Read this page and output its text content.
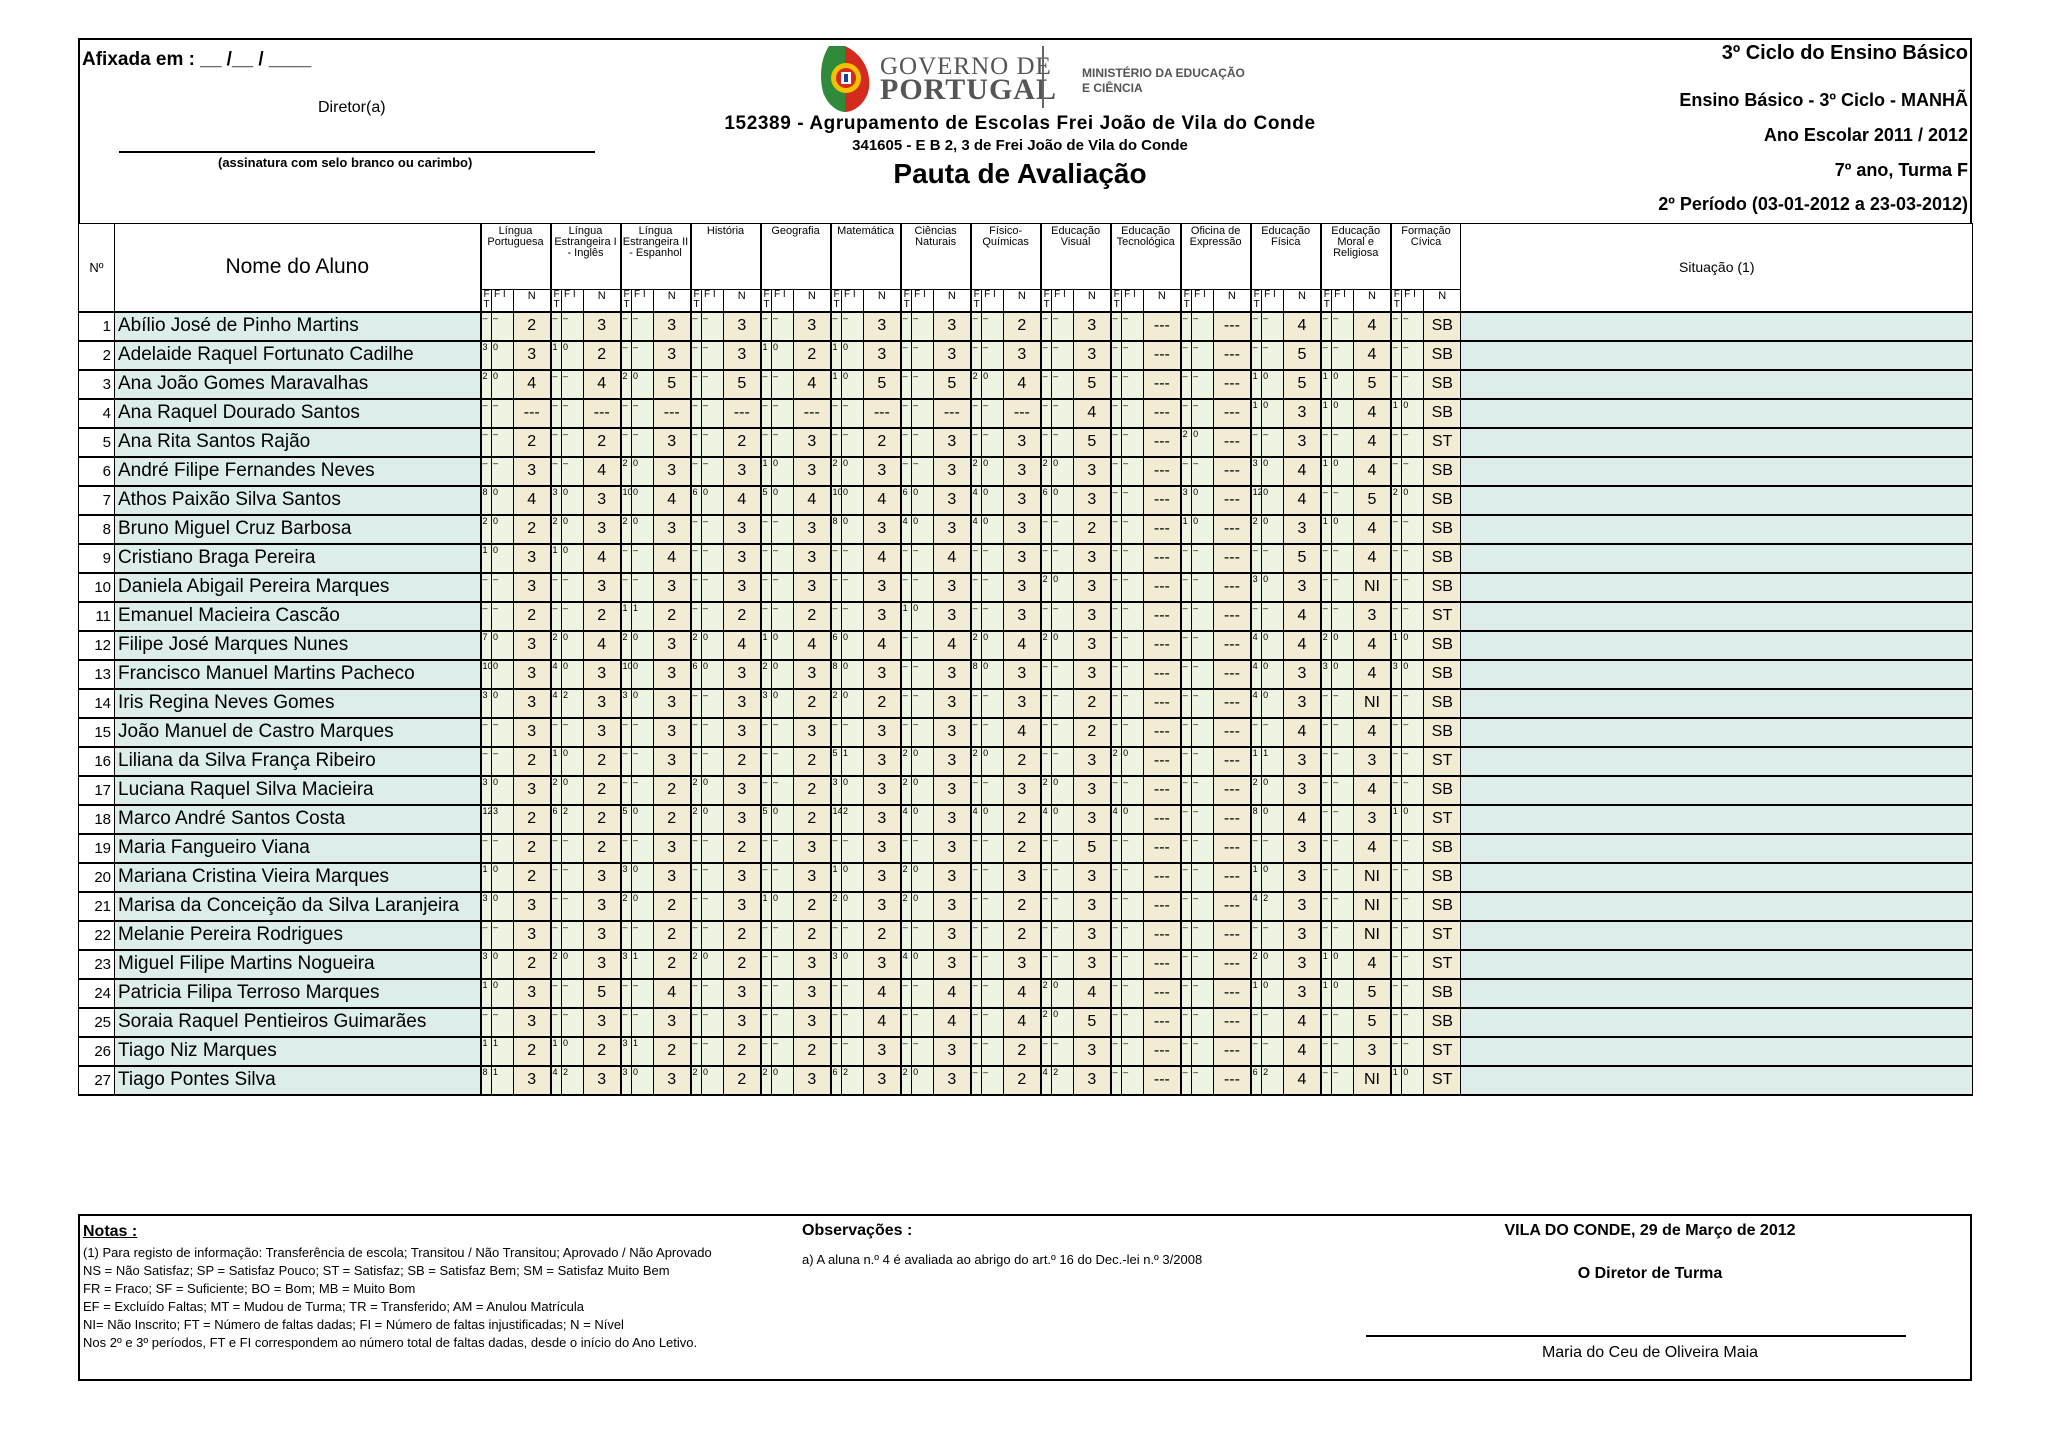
Afixada em : __ /__ / ____
Diretor(a)
(assinatura com selo branco ou carimbo)
GOVERNO DE
PORTUGAL MINISTÉRIO DA EDUCAÇÃO
E CIÊNCIA
152389 - Agrupamento de Escolas Frei João de Vila do Conde
341605 - E B 2, 3 de Frei João de Vila do Conde
Pauta de Avaliação
3º Ciclo do Ensino Básico
Ensino Básico - 3º Ciclo - MANHÃ
Ano Escolar 2011 / 2012
7º ano, Turma F
2º Período (03-01-2012 a 23-03-2012)
Nº	Nome do Aluno	Língua Portuguesa			Língua Estrangeira I - Inglês			Língua Estrangeira II - Espanhol			História			Geografia			Matemática			Ciências Naturais			Físico-Químicas			Educação Visual			Educação Tecnológica			Oficina de Expressão			Educação Física			Educação Moral e Religiosa			Formação Cívica			Situação (1)
		F T	F I	N	F T	F I	N	F T	F I	N	F T	F I	N	F T	F I	N	F T	F I	N	F T	F I	N	F T	F I	N	F T	F I	N	F T	F I	N	F T	F I	N	F T	F I	N	F T	F I	N	F T	F I	N	
1	Abílio José de Pinho Martins	–	–	2	–	–	3	–	–	3	–	–	3	–	–	3	–	–	3	–	–	3	–	–	2	–	–	3	–	–	---	–	–	---	–	–	4	–	–	4	–	–	SB	
2	Adelaide Raquel Fortunato Cadilhe	3	0	3	1	0	2	–	–	3	–	–	3	1	0	2	1	0	3	–	–	3	–	–	3	–	–	3	–	–	---	–	–	---	–	–	5	–	–	4	–	–	SB	
3	Ana João Gomes Maravalhas	2	0	4	–	–	4	2	0	5	–	–	5	–	–	4	1	0	5	–	–	5	2	0	4	–	–	5	–	–	---	–	–	---	1	0	5	1	0	5	–	–	SB	
4	Ana Raquel Dourado Santos	–	–	---	–	–	---	–	–	---	–	–	---	–	–	---	–	–	---	–	–	---	–	–	---	–	–	4	–	–	---	–	–	---	1	0	3	1	0	4	1	0	SB	
5	Ana Rita Santos Rajão	–	–	2	–	–	2	–	–	3	–	–	2	–	–	3	–	–	2	–	–	3	–	–	3	–	–	5	–	–	---	2	0	---	–	–	3	–	–	4	–	–	ST	
6	André Filipe Fernandes Neves	–	–	3	–	–	4	2	0	3	–	–	3	1	0	3	2	0	3	–	–	3	2	0	3	2	0	3	–	–	---	–	–	---	3	0	4	1	0	4	–	–	SB	
7	Athos Paixão Silva Santos	8	0	4	3	0	3	10	0	4	6	0	4	5	0	4	10	0	4	6	0	3	4	0	3	6	0	3	–	–	---	3	0	---	12	0	4	–	–	5	2	0	SB	
8	Bruno Miguel Cruz Barbosa	2	0	2	2	0	3	2	0	3	–	–	3	–	–	3	8	0	3	4	0	3	4	0	3	–	–	2	–	–	---	1	0	---	2	0	3	1	0	4	–	–	SB	
9	Cristiano Braga Pereira	1	0	3	1	0	4	–	–	4	–	–	3	–	–	3	–	–	4	–	–	4	–	–	3	–	–	3	–	–	---	–	–	---	–	–	5	–	–	4	–	–	SB	
10	Daniela Abigail Pereira Marques	–	–	3	–	–	3	–	–	3	–	–	3	–	–	3	–	–	3	–	–	3	–	–	3	2	0	3	–	–	---	–	–	---	3	0	3	–	–	NI	–	–	SB	
11	Emanuel Macieira Cascão	–	–	2	–	–	2	1	1	2	–	–	2	–	–	2	–	–	3	1	0	3	–	–	3	–	–	3	–	–	---	–	–	---	–	–	4	–	–	3	–	–	ST	
12	Filipe José Marques Nunes	7	0	3	2	0	4	2	0	3	2	0	4	1	0	4	6	0	4	–	–	4	2	0	4	2	0	3	–	–	---	–	–	---	4	0	4	2	0	4	1	0	SB	
13	Francisco Manuel Martins Pacheco	10	0	3	4	0	3	10	0	3	6	0	3	2	0	3	8	0	3	–	–	3	8	0	3	–	–	3	–	–	---	–	–	---	4	0	3	3	0	4	3	0	SB	
14	Iris Regina Neves Gomes	3	0	3	4	2	3	3	0	3	–	–	3	3	0	2	2	0	2	–	–	3	–	–	3	–	–	2	–	–	---	–	–	---	4	0	3	–	–	NI	–	–	SB	
15	João Manuel de Castro Marques	–	–	3	–	–	3	–	–	3	–	–	3	–	–	3	–	–	3	–	–	3	–	–	4	–	–	2	–	–	---	–	–	---	–	–	4	–	–	4	–	–	SB	
16	Liliana da Silva França Ribeiro	–	–	2	1	0	2	–	–	3	–	–	2	–	–	2	5	1	3	2	0	3	2	0	2	–	–	3	2	0	---	–	–	---	1	1	3	–	–	3	–	–	ST	
17	Luciana Raquel Silva Macieira	3	0	3	2	0	2	–	–	2	2	0	3	–	–	2	3	0	3	2	0	3	–	–	3	2	0	3	–	–	---	–	–	---	2	0	3	–	–	4	–	–	SB	
18	Marco André Santos Costa	12	3	2	6	2	2	5	0	2	2	0	3	5	0	2	14	2	3	4	0	3	4	0	2	4	0	3	4	0	---	–	–	---	8	0	4	–	–	3	1	0	ST	
19	Maria Fangueiro Viana	–	–	2	–	–	2	–	–	3	–	–	2	–	–	3	–	–	3	–	–	3	–	–	2	–	–	5	–	–	---	–	–	---	–	–	3	–	–	4	–	–	SB	
20	Mariana Cristina Vieira Marques	1	0	2	–	–	3	3	0	3	–	–	3	–	–	3	1	0	3	2	0	3	–	–	3	–	–	3	–	–	---	–	–	---	1	0	3	–	–	NI	–	–	SB	
21	Marisa da Conceição da Silva Laranjeira	3	0	3	–	–	3	2	0	2	–	–	3	1	0	2	2	0	3	2	0	3	–	–	2	–	–	3	–	–	---	–	–	---	4	2	3	–	–	NI	–	–	SB	
22	Melanie Pereira Rodrigues	–	–	3	–	–	3	–	–	2	–	–	2	–	–	2	–	–	2	–	–	3	–	–	2	–	–	3	–	–	---	–	–	---	–	–	3	–	–	NI	–	–	ST	
23	Miguel Filipe Martins Nogueira	3	0	2	2	0	3	3	1	2	2	0	2	–	–	3	3	0	3	4	0	3	–	–	3	–	–	3	–	–	---	–	–	---	2	0	3	1	0	4	–	–	ST	
24	Patricia Filipa Terroso Marques	1	0	3	–	–	5	–	–	4	–	–	3	–	–	3	–	–	4	–	–	4	–	–	4	2	0	4	–	–	---	–	–	---	1	0	3	1	0	5	–	–	SB	
25	Soraia Raquel Pentieiros Guimarães	–	–	3	–	–	3	–	–	3	–	–	3	–	–	3	–	–	4	–	–	4	–	–	4	2	0	5	–	–	---	–	–	---	–	–	4	–	–	5	–	–	SB	
26	Tiago Niz Marques	1	1	2	1	0	2	3	1	2	–	–	2	–	–	2	–	–	3	–	–	3	–	–	2	–	–	3	–	–	---	–	–	---	–	–	4	–	–	3	–	–	ST	
27	Tiago Pontes Silva	8	1	3	4	2	3	3	0	3	2	0	2	2	0	3	6	2	3	2	0	3	–	–	2	4	2	3	–	–	---	–	–	---	6	2	4	–	–	NI	1	0	ST	
Notas :
(1) Para registo de informação: Transferência de escola; Transitou / Não Transitou; Aprovado / Não Aprovado
NS = Não Satisfaz; SP = Satisfaz Pouco; ST = Satisfaz; SB = Satisfaz Bem; SM = Satisfaz Muito Bem
FR = Fraco; SF = Suficiente; BO = Bom; MB = Muito Bom
EF = Excluído Faltas; MT = Mudou de Turma; TR = Transferido; AM = Anulou Matrícula
NI= Não Inscrito; FT = Número de faltas dadas; FI = Número de faltas injustificadas; N = Nível
Nos 2º e 3º períodos, FT e FI correspondem ao número total de faltas dadas, desde o início do Ano Letivo.
Observações :
a) A aluna n.º 4 é avaliada ao abrigo do art.º 16 do Dec.-lei n.º 3/2008
VILA DO CONDE, 29 de Março de 2012
O Diretor de Turma
Maria do Ceu de Oliveira Maia
